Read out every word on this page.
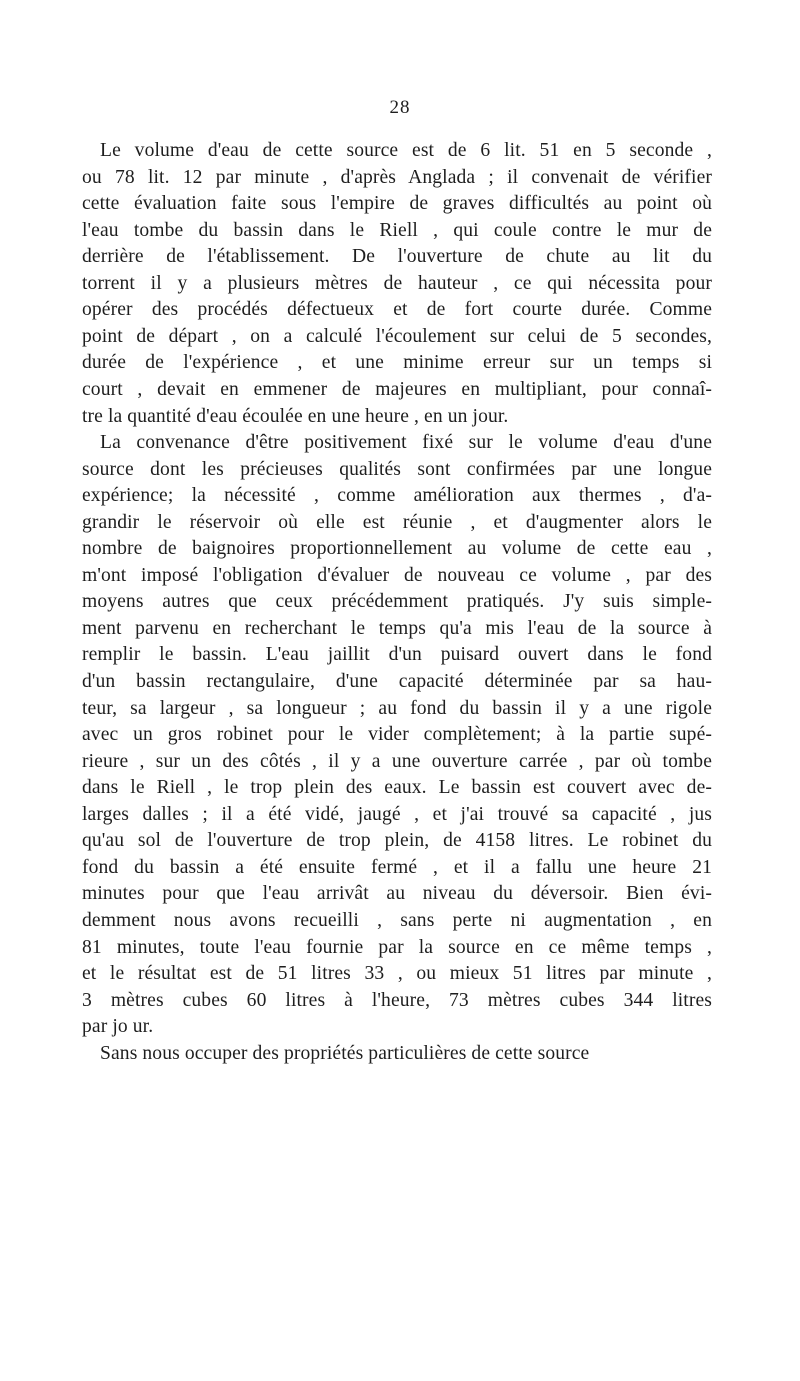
28
Le volume d'eau de cette source est de 6 lit. 51 en 5 seconde ,
ou 78 lit. 12 par minute , d'après Anglada ; il convenait de vérifier
cette évaluation faite sous l'empire de graves difficultés au point où
l'eau tombe du bassin dans le Riell , qui coule contre le mur de
derrière de l'établissement. De l'ouverture de chute au lit du
torrent il y a plusieurs mètres de hauteur , ce qui nécessita pour
opérer des procédés défectueux et de fort courte durée. Comme
point de départ , on a calculé l'écoulement sur celui de 5 secondes,
durée de l'expérience , et une minime erreur sur un temps si
court , devait en emmener de majeures en multipliant, pour connaî-
tre la quantité d'eau écoulée en une heure , en un jour.
La convenance d'être positivement fixé sur le volume d'eau d'une
source dont les précieuses qualités sont confirmées par une longue
expérience; la nécessité , comme amélioration aux thermes , d'a-
grandir le réservoir où elle est réunie , et d'augmenter alors le
nombre de baignoires proportionnellement au volume de cette eau ,
m'ont imposé l'obligation d'évaluer de nouveau ce volume , par des
moyens autres que ceux précédemment pratiqués. J'y suis simple-
ment parvenu en recherchant le temps qu'a mis l'eau de la source à
remplir le bassin. L'eau jaillit d'un puisard ouvert dans le fond
d'un bassin rectangulaire, d'une capacité déterminée par sa hau-
teur, sa largeur , sa longueur ; au fond du bassin il y a une rigole
avec un gros robinet pour le vider complètement; à la partie supé-
rieure , sur un des côtés , il y a une ouverture carrée , par où tombe
dans le Riell , le trop plein des eaux. Le bassin est couvert avec de-
larges dalles ; il a été vidé, jaugé , et j'ai trouvé sa capacité , jus
qu'au sol de l'ouverture de trop plein, de 4158 litres. Le robinet du
fond du bassin a été ensuite fermé , et il a fallu une heure 21
minutes pour que l'eau arrivât au niveau du déversoir. Bien évi-
demment nous avons recueilli , sans perte ni augmentation , en
81 minutes, toute l'eau fournie par la source en ce même temps ,
et le résultat est de 51 litres 33 , ou mieux 51 litres par minute ,
3 mètres cubes 60 litres à l'heure, 73 mètres cubes 344 litres
par jo ur.
Sans nous occuper des propriétés particulières de cette source
